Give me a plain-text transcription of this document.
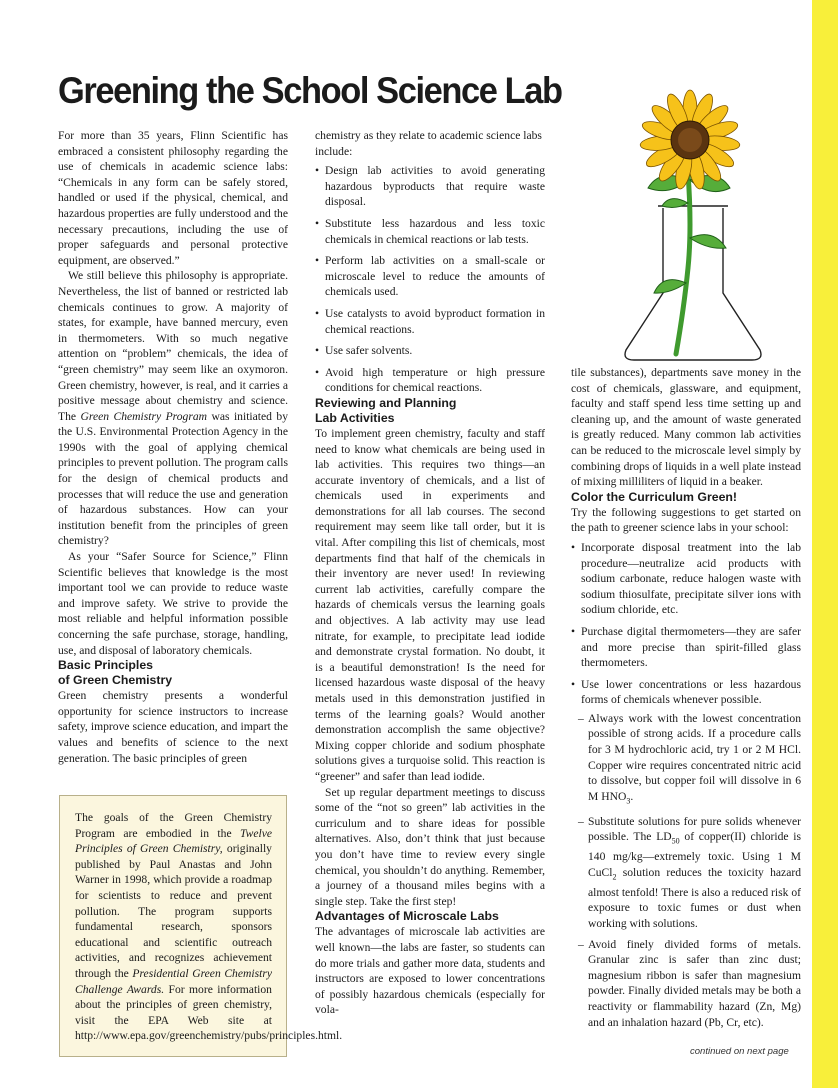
Greening the School Science Lab

For more than 35 years, Flinn Scientific has embraced a consistent philosophy regarding the use of chemicals in academic science labs: “Chemicals in any form can be safely stored, handled or used if the physical, chemical, and hazardous properties are fully understood and the necessary precautions, including the use of proper safeguards and personal protective equipment, are observed.”

We still believe this philosophy is appropriate. Nevertheless, the list of banned or restricted lab chemicals continues to grow. A majority of states, for example, have banned mercury, even in thermometers. With so much negative attention on “problem” chemicals, the idea of “green chemistry” may seem like an oxymoron. Green chemistry, however, is real, and it carries a positive message about chemistry and science. The Green Chemistry Program was initiated by the U.S. Environmental Protection Agency in the 1990s with the goal of applying chemical principles to prevent pollution. The program calls for the design of chemical products and processes that will reduce the use and generation of hazardous substances. How can your institution benefit from the principles of green chemistry?

As your “Safer Source for Science,” Flinn Scientific believes that knowledge is the most important tool we can provide to reduce waste and improve safety. We strive to provide the most reliable and helpful information possible concerning the safe purchase, storage, handling, use, and disposal of laboratory chemicals.

Basic Principles
of Green Chemistry

Green chemistry presents a wonderful opportunity for science instructors to increase safety, improve science education, and impart the values and benefits of science to the next generation. The basic principles of green

The goals of the Green Chemistry Program are embodied in the Twelve Principles of Green Chemistry, originally published by Paul Anastas and John Warner in 1998, which provide a roadmap for scientists to reduce and prevent pollution. The program supports fundamental research, sponsors educational and scientific outreach activities, and recognizes achievement through the Presidential Green Chemistry Challenge Awards. For more information about the principles of green chemistry, visit the EPA Web site at http://www.epa.gov/greenchemistry/pubs/principles.html.

chemistry as they relate to academic science labs include:

• Design lab activities to avoid generating hazardous byproducts that require waste disposal.
• Substitute less hazardous and less toxic chemicals in chemical reactions or lab tests.
• Perform lab activities on a small-scale or microscale level to reduce the amounts of chemicals used.
• Use catalysts to avoid byproduct formation in chemical reactions.
• Use safer solvents.
• Avoid high temperature or high pressure conditions for chemical reactions.
Reviewing and Planning
Lab Activities

To implement green chemistry, faculty and staff need to know what chemicals are being used in lab activities. This requires two things—an accurate inventory of chemicals, and a list of chemicals used in experiments and demonstrations for all lab courses. The second requirement may seem like tall order, but it is vital. After compiling this list of chemicals, most departments find that half of the chemicals in their inventory are never used! In reviewing current lab activities, carefully compare the hazards of chemicals versus the learning goals and objectives. A lab activity may use lead nitrate, for example, to precipitate lead iodide and demonstrate crystal formation. No doubt, it is a beautiful demonstration! Is the need for licensed hazardous waste disposal of the heavy metals used in this demonstration justified in terms of the learning goals? Would another demonstration accomplish the same objective? Mixing copper chloride and sodium phosphate solutions gives a turquoise solid. This reaction is “greener” and safer than lead iodide.

Set up regular department meetings to discuss some of the “not so green” lab activities in the curriculum and to share ideas for possible alternatives. Also, don’t think that just because you don’t have time to review every single chemical, you shouldn’t do anything. Remember, a journey of a thousand miles begins with a single step. Take the first step!

Advantages of Microscale Labs

The advantages of microscale lab activities are well known—the labs are faster, so students can do more trials and gather more data, students and instructors are exposed to lower concentrations of possibly hazardous chemicals (especially for vola-

tile substances), departments save money in the cost of chemicals, glassware, and equipment, faculty and staff spend less time setting up and cleaning up, and the amount of waste generated is greatly reduced. Many common lab activities can be reduced to the microscale level simply by combining drops of liquids in a well plate instead of mixing milliliters of liquid in a beaker.

Color the Curriculum Green!

Try the following suggestions to get started on the path to greener science labs in your school:

• Incorporate disposal treatment into the lab procedure—neutralize acid products with sodium carbonate, reduce halogen waste with sodium thiosulfate, precipitate silver ions with sodium chloride, etc.
• Purchase digital thermometers—they are safer and more precise than spirit-filled glass thermometers.
• Use lower concentrations or less hazardous forms of chemicals whenever possible.
– Always work with the lowest concentration possible of strong acids. If a procedure calls for 3 M hydrochloric acid, try 1 or 2 M HCl. Copper wire requires concentrated nitric acid to dissolve, but copper foil will dissolve in 6 M $HNO_3$.
– Substitute solutions for pure solids whenever possible. The $LD_{50}$ of copper(II) chloride is 140 mg/kg—extremely toxic. Using 1 M CuCl$_2$ solution reduces the toxicity hazard almost tenfold! There is also a reduced risk of exposure to toxic fumes or dust when working with solutions.
– Avoid finely divided forms of metals. Granular zinc is safer than zinc dust; magnesium ribbon is safer than magnesium powder. Finally divided metals may be both a reactivity or flammability hazard (Zn, Mg) and an inhalation hazard (Pb, Cr, etc).
continued on next page
